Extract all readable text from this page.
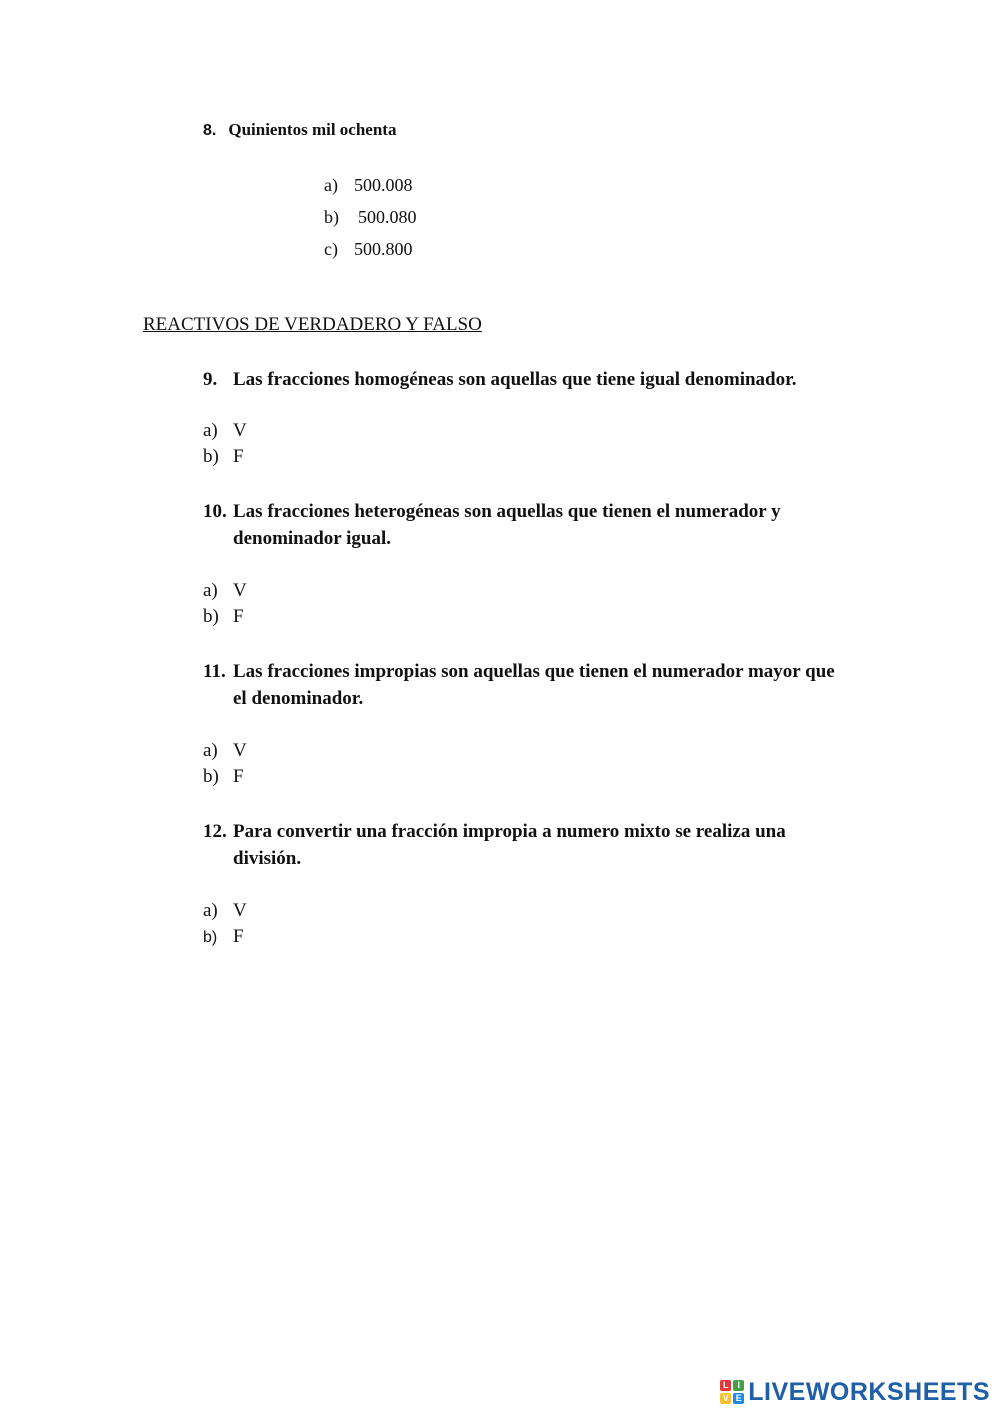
8. Quinientos mil ochenta
a) 500.008
b) 500.080
c) 500.800
REACTIVOS DE VERDADERO Y FALSO
9. Las fracciones homogéneas son aquellas que tiene igual denominador.
a) V
b) F
10. Las fracciones heterogéneas son aquellas que tienen el numerador y denominador igual.
a) V
b) F
11. Las fracciones impropias son aquellas que tienen el numerador mayor que el denominador.
a) V
b) F
12. Para convertir una fracción impropia a numero mixto se realiza una división.
a) V
b) F
L I
V E LIVEWORKSHEETS
